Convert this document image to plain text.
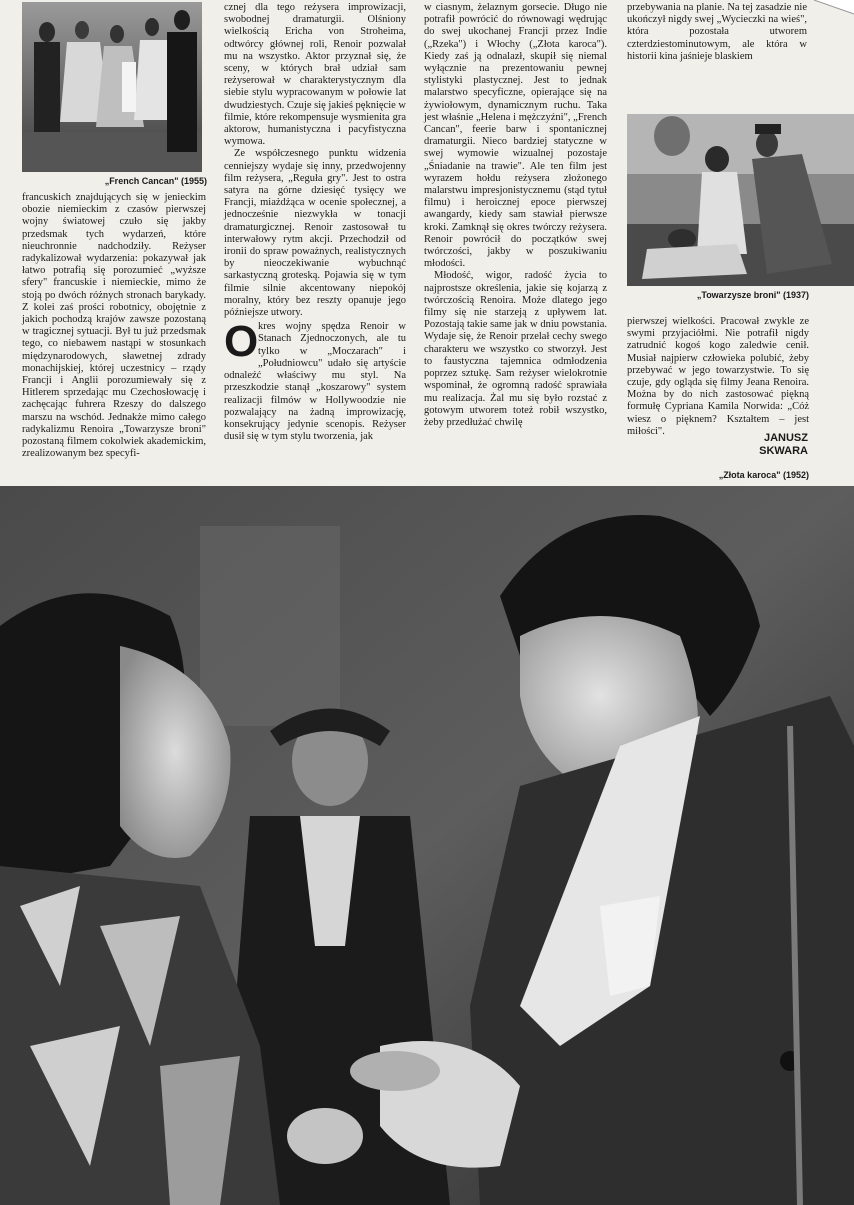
„French Cancan" (1955)

francuskich znajdujących się w jenieckim obozie niemieckim z czasów pierwszej wojny światowej czuło się jakby przedsmak tych wydarzeń, które nieuchronnie nadchodziły. Reżyser radykalizował wydarzenia: pokazywał jak łatwo potrafią się porozumieć „wyższe sfery" francuskie i niemieckie, mimo że stoją po dwóch różnych stronach barykady. Z kolei zaś prości robotnicy, obojętnie z jakich pochodzą krajów zawsze pozostaną w tragicznej sytuacji. Był tu już przedsmak tego, co niebawem nastąpi w stosunkach międzynarodowych, sławetnej zdrady monachijskiej, której uczestnicy – rządy Francji i Anglii porozumiewały się z Hitlerem sprzedając mu Czechosłowację i zachęcając fuhrera Rzeszy do dalszego marszu na wschód. Jednakże mimo całego radykalizmu Renoira „Towarzysze broni" pozostaną filmem cokolwiek akademickim, zrealizowanym bez specyfi-

cznej dla tego reżysera improwizacji, swobodnej dramaturgii. Olśniony wielkością Ericha von Stroheima, odtwórcy głównej roli, Renoir pozwalał mu na wszystko. Aktor przyznał się, że sceny, w których brał udział sam reżyserował w charakterystycznym dla siebie stylu wypracowanym w połowie lat dwudziestych. Czuje się jakieś pęknięcie w filmie, które rekompensuje wysmienita gra aktorow, humanistyczna i pacyfistyczna wymowa.

Ze współczesnego punktu widzenia cenniejszy wydaje się inny, przedwojenny film reżysera, „Reguła gry". Jest to ostra satyra na górne dziesięć tysięcy we Francji, miażdżąca w ocenie społecznej, a jednocześnie niezwykła w tonacji dramaturgicznej. Renoir zastosował tu interwałowy rytm akcji. Przechodził od ironii do spraw poważnych, realistycznych by nieoczekiwanie wybuchnąć sarkastyczną groteską. Pojawia się w tym filmie silnie akcentowany niepokój moralny, który bez reszty opanuje jego późniejsze utwory.

O kres wojny spędza Renoir w Stanach Zjednoczonych, ale tu tylko w „Moczarach" i „Południowcu" udało się artyście odnaleźć właściwy mu styl. Na przeszkodzie stanął „koszarowy" system realizacji filmów w Hollywoodzie nie pozwalający na żadną improwizację, konsekrujący jedynie scenopis. Reżyser dusił się w tym stylu tworzenia, jak

w ciasnym, żelaznym gorsecie. Długo nie potrafił powrócić do równowagi wędrując do swej ukochanej Francji przez Indie („Rzeka") i Włochy („Złota karoca"). Kiedy zaś ją odnalazł, skupił się niemal wyłącznie na prezentowaniu pewnej stylistyki plastycznej. Jest to jednak malarstwo specyficzne, opierające się na żywiołowym, dynamicznym ruchu. Taka jest właśnie „Helena i mężczyźni", „French Cancan", feerie barw i spontanicznej dramaturgii. Nieco bardziej statyczne w swej wymowie wizualnej pozostaje „Śniadanie na trawie". Ale ten film jest wyrazem hołdu reżysera złożonego malarstwu impresjonistycznemu (stąd tytuł filmu) i heroicznej epoce pierwszej awangardy, kiedy sam stawiał pierwsze kroki. Zamknął się okres twórczy reżysera. Renoir powrócił do początków swej twórczości, jakby w poszukiwaniu młodości.

Młodość, wigor, radość życia to najprostsze określenia, jakie się kojarzą z twórczością Renoira. Może dlatego jego filmy się nie starzeją z upływem lat. Pozostają takie same jak w dniu powstania. Wydaje się, że Renoir przelał cechy swego charakteru we wszystko co stworzył. Jest to faustyczna tajemnica odmłodzenia poprzez sztukę. Sam reżyser wielokrotnie wspominał, że ogromną radość sprawiała mu realizacja. Żal mu się było rozstać z gotowym utworem toteż robił wszystko, żeby przedłużać chwilę

przebywania na planie. Na tej zasadzie nie ukończył nigdy swej „Wycieczki na wieś", która pozostała utworem czterdziestominutowym, ale która w historii kina jaśnieje blaskiem

„Towarzysze broni" (1937)

pierwszej wielkości. Pracował zwykle ze swymi przyjaciółmi. Nie potrafił nigdy zatrudnić kogoś kogo zaledwie cenił. Musiał najpierw człowieka polubić, żeby przebywać w jego towarzystwie. To się czuje, gdy ogląda się filmy Jeana Renoira. Można by do nich zastosować piękną formułę Cypriana Kamila Norwida: „Cóż wiesz o pięknem? Kształtem – jest miłości".

JANUSZ
SKWARA
„Złota karoca" (1952)
